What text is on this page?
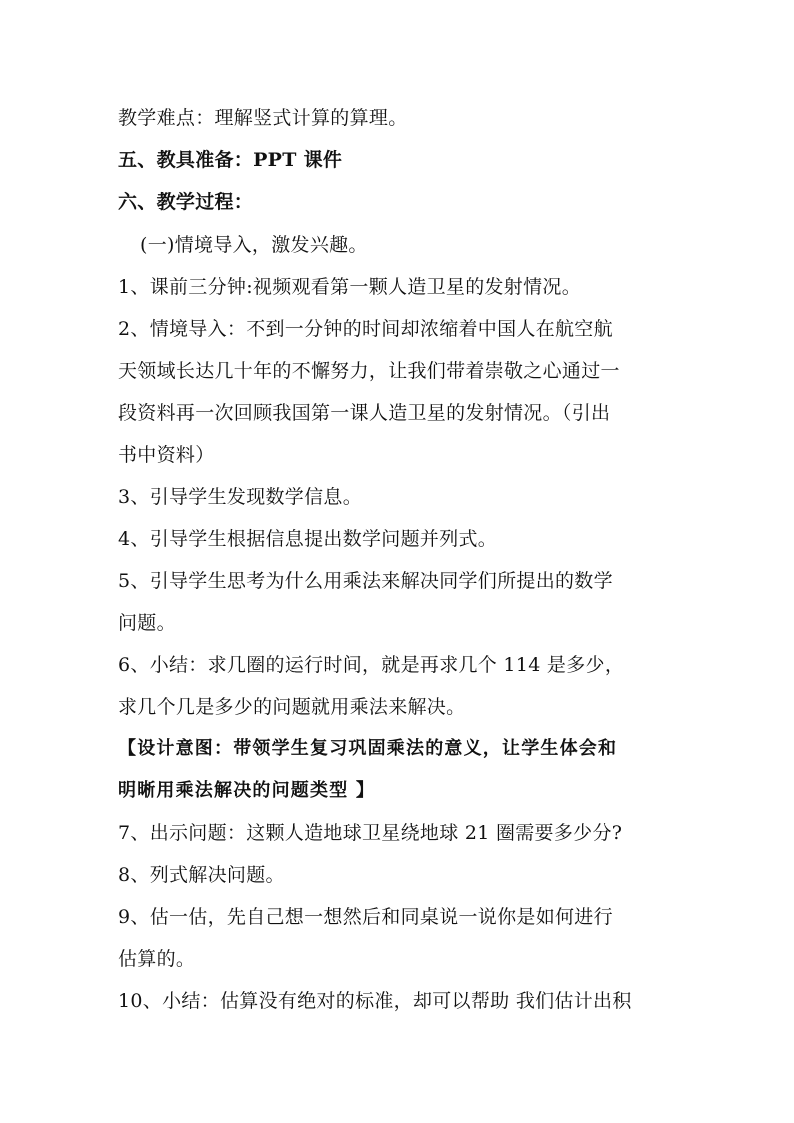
教学难点：理解竖式计算的算理。
五、教具准备：PPT 课件
六、教学过程：
(一)情境导入，激发兴趣。
1、课前三分钟:视频观看第一颗人造卫星的发射情况。
2、情境导入：不到一分钟的时间却浓缩着中国人在航空航
天领域长达几十年的不懈努力，让我们带着崇敬之心通过一
段资料再一次回顾我国第一课人造卫星的发射情况。（引出
书中资料）
3、引导学生发现数学信息。
4、引导学生根据信息提出数学问题并列式。
5、引导学生思考为什么用乘法来解决同学们所提出的数学
问题。
6、小结：求几圈的运行时间，就是再求几个 114 是多少，
求几个几是多少的问题就用乘法来解决。
【设计意图：带领学生复习巩固乘法的意义，让学生体会和
明晰用乘法解决的问题类型 】
7、出示问题：这颗人造地球卫星绕地球 21 圈需要多少分?
8、列式解决问题。
9、估一估，先自己想一想然后和同桌说一说你是如何进行
估算的。
10、小结：估算没有绝对的标准，却可以帮助 我们估计出积
